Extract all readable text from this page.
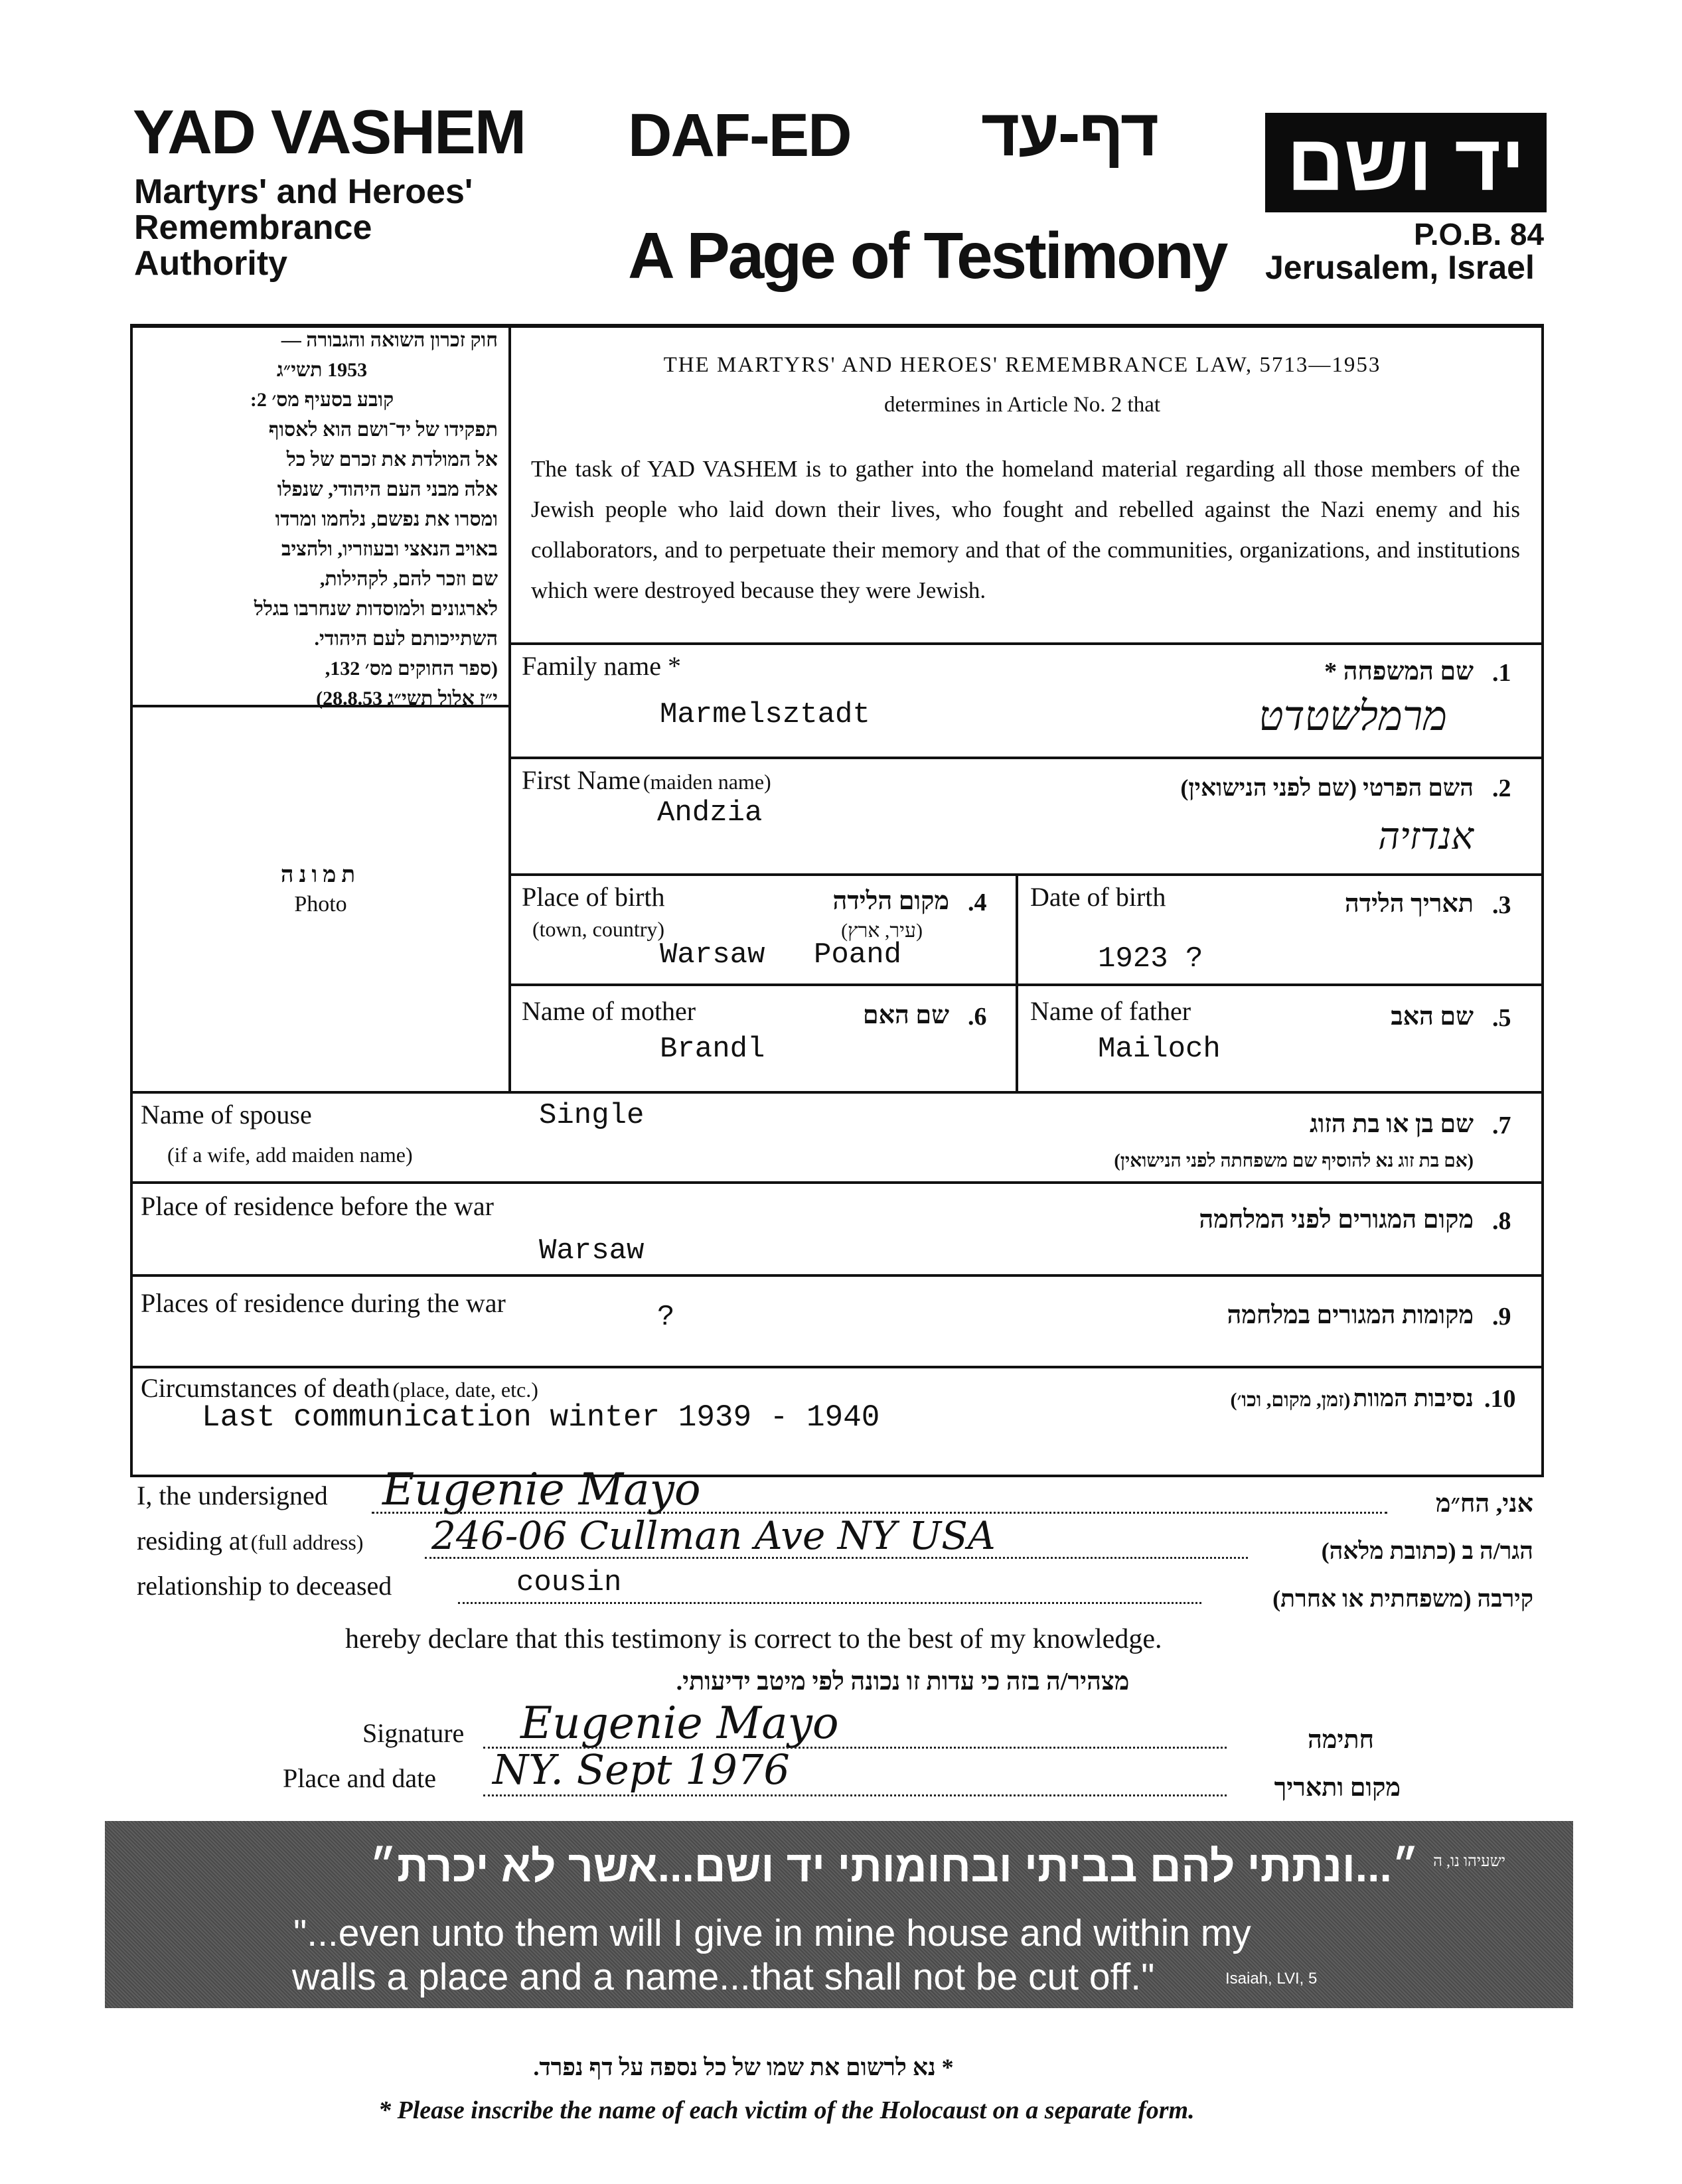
YAD VASHEM
Martyrs' and Heroes'
Remembrance
Authority
DAF-ED דף-עד
A Page of Testimony
יד ושם
P.O.B. 84
Jerusalem, Israel
חוק זכרון השואה והגבורה —
1953 תשי״ג
קובע בסעיף מס׳ 2:
תפקידו של יד־ושם הוא לאסוף
אל המולדת את זכרם של כל
אלה מבני העם היהודי, שנפלו
ומסרו את נפשם, נלחמו ומרדו
באויב הנאצי ובעוזריו, ולהציב
שם וזכר להם, לקהילות,
לארגונים ולמוסדות שנחרבו בגלל
השתייכותם לעם היהודי.
(ספר החוקים מס׳ 132,
י״ז אלול תשי״ג 28.8.53)
תמונה
Photo
THE MARTYRS' AND HEROES' REMEMBRANCE LAW, 5713—1953
determines in Article No. 2 that
The task of YAD VASHEM is to gather into the homeland material regarding all those members of the Jewish people who laid down their lives, who fought and rebelled against the Nazi enemy and his collaborators, and to perpetuate their memory and that of the communities, organizations, and institutions which were destroyed because they were Jewish.
Family name *	שם המשפחה * .1
Marmelsztadt	מרמלשטדט
First Name (maiden name)	השם הפרטי (שם לפני הנישואין) .2
Andzia
אנדזיה
Place of birth
(town, country)
מקום הלידה
(עיר, ארץ)
.4
Warsaw Poand
Date of birth	תאריך הלידה .3
1923 ?
Name of mother	שם האם .6
Brandl
Name of father	שם האב .5
Mailoch
Name of spouse
(if a wife, add maiden name)
Single	שם בן או בת הזוג
(אם בת זוג נא להוסיף שם משפחתה לפני הנישואין)
.7
Place of residence before the war
Warsaw
מקום המגורים לפני המלחמה .8
Places of residence during the war	?	מקומות המגורים במלחמה .9
Circumstances of death (place, date, etc.)
Last communication winter 1939 - 1940
נסיבות המוות (זמן, מקום, וכו׳)	.10
I, the undersigned Eugenie Mayo	אני, הח״מ
residing at (full address) 246-06 Cullman Ave NY USA	הגר/ה ב (כתובת מלאה)
relationship to deceased	cousin	קירבה (משפחתית או אחרת)
hereby declare that this testimony is correct to the best of my knowledge.
מצהיר/ה בזה כי עדות זו נכונה לפי מיטב ידיעותי.
Signature Eugenie Mayo	חתימה
Place and date NY. Sept 1976	מקום ותאריך
״...ונתתי להם בביתי ובחומותי יד ושם...אשר לא יכרת״ ישעיהו נו, ה
"...even unto them will I give in mine house and within my
walls a place and a name...that shall not be cut off."	Isaiah, LVI, 5
* נא לרשום את שמו של כל נספה על דף נפרד.
* Please inscribe the name of each victim of the Holocaust on a separate form.
